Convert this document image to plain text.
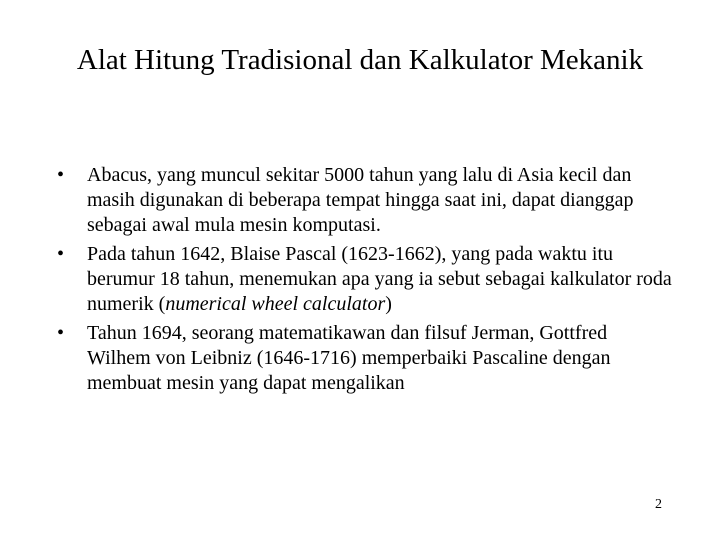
Alat Hitung Tradisional dan Kalkulator Mekanik
• Abacus, yang muncul sekitar 5000 tahun yang lalu di Asia kecil dan masih digunakan di beberapa tempat hingga saat ini, dapat dianggap sebagai awal mula mesin komputasi.
• Pada tahun 1642, Blaise Pascal (1623-1662), yang pada waktu itu berumur 18 tahun, menemukan apa yang ia sebut sebagai kalkulator roda numerik (numerical wheel calculator)
• Tahun 1694, seorang matematikawan dan filsuf Jerman, Gottfred Wilhem von Leibniz (1646-1716) memperbaiki Pascaline dengan membuat mesin yang dapat mengalikan
2
